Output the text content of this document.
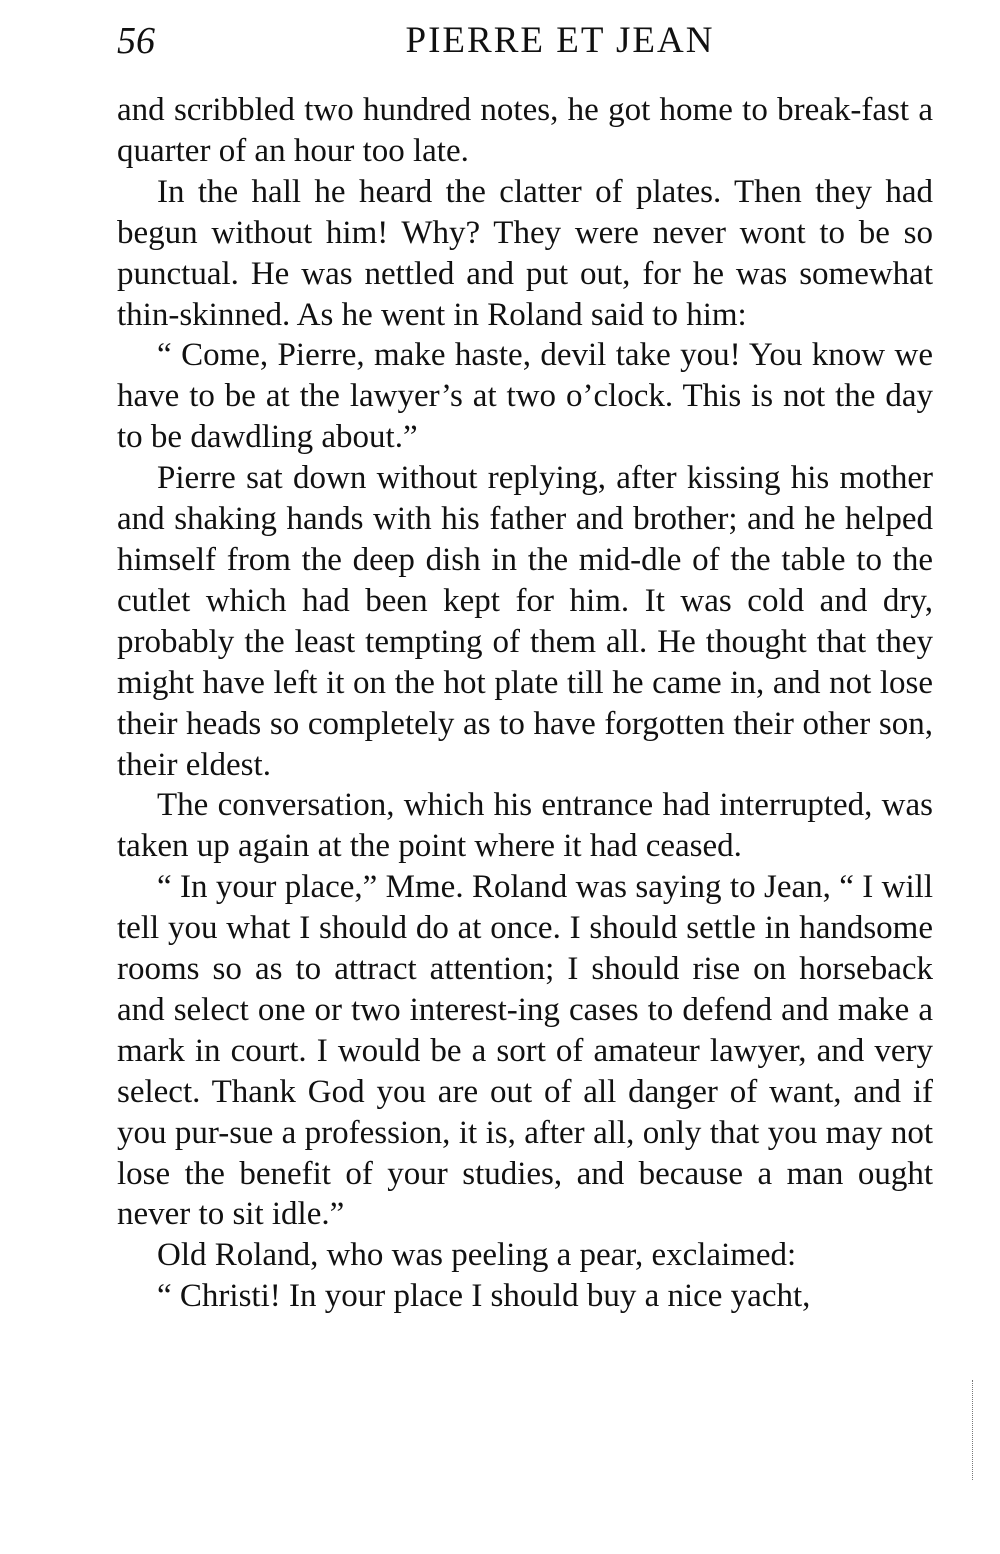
56	PIERRE ET JEAN

and scribbled two hundred notes, he got home to break-fast a quarter of an hour too late.

In the hall he heard the clatter of plates. Then they had begun without him! Why? They were never wont to be so punctual. He was nettled and put out, for he was somewhat thin-skinned. As he went in Roland said to him:

“ Come, Pierre, make haste, devil take you! You know we have to be at the lawyer’s at two o’clock. This is not the day to be dawdling about.”

Pierre sat down without replying, after kissing his mother and shaking hands with his father and brother; and he helped himself from the deep dish in the mid-dle of the table to the cutlet which had been kept for him. It was cold and dry, probably the least tempting of them all. He thought that they might have left it on the hot plate till he came in, and not lose their heads so completely as to have forgotten their other son, their eldest.

The conversation, which his entrance had interrupted, was taken up again at the point where it had ceased.

“ In your place,” Mme. Roland was saying to Jean, “ I will tell you what I should do at once. I should settle in handsome rooms so as to attract attention; I should rise on horseback and select one or two interest-ing cases to defend and make a mark in court. I would be a sort of amateur lawyer, and very select. Thank God you are out of all danger of want, and if you pur-sue a profession, it is, after all, only that you may not lose the benefit of your studies, and because a man ought never to sit idle.”

Old Roland, who was peeling a pear, exclaimed:

“ Christi! In your place I should buy a nice yacht,
